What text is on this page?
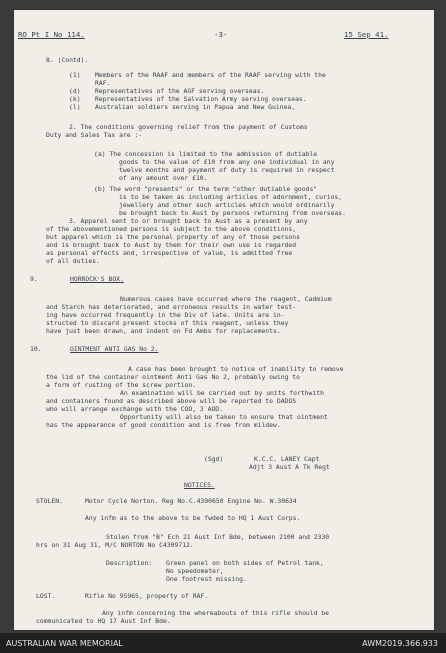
RO Pt I No 114.	-3-	15 Sep 41.
8. (Contd).
(1) Members of the RAAF and members of the RAAF serving with the
RAF.
(d) Representatives of the AGF serving overseas.
(k) Representatives of the Salvation Army serving overseas.
(l) Australian soldiers serving in Papua and New Guinea,
2. The conditions governing relief from the payment of Customs
Duty and Sales Tax are :-
(a) The concession is limited to the admission of dutiable
goods to the value of £10 from any one individual in any
twelve months and payment of duty is required in respect
of any amount over £10.
(b) The word "presents" or the term "other dutiable goods"
is to be taken as including articles of adornment, curios,
jewellery and other such articles which would ordinarily
be brought back to Aust by persons returning from overseas.
3. Apparel sent to or brought back to Aust as a present by any
of the abovementioned persons is subject to the above conditions,
but apparel which is the personal property of any of those persons
and is brought back to Aust by them for their own use is regarded
as personal effects and, irrespective of value, is admitted free
of all duties.
9.	HORROCK'S BOX.
Numerous cases have occurred where the reagent, Cadmium
and Starch has deteriorated, and erroneous results in water test-
ing have occurred frequently in the Div of late. Units are in-
structed to discard present stocks of this reagent, unless they
have just been drawn, and indent on Fd Ambs for replacements.
10.	OINTMENT ANTI GAS No 2.
A case has been brought to notice of inability to remove
the lid of the container ointment Anti Gas No 2, probably owing to
a form of rusting of the screw portion.
An examination will be carried out by units forthwith
and containers found as described above will be reported to DADOS
who will arrange exchange with the COO, 3 AOD.
Opportunity will also be taken to ensure that ointment
has the appearance of good condition and is free from mildew.
(Sgd)	K.C.C. LANEY Capt
Adjt 3 Aust A Tk Regt
NOTICES.
STOLEN.	Motor Cycle Norton. Reg No.C.4390650 Engine No. W.30634
Any infm as to the above to be fwded to HQ 1 Aust Corps.
Stolen from "B" Ech 21 Aust Inf Bde, between 2100 and 2330
hrs on 31 Aug 31, M/C NORTON No C4309712.
Description: Green panel on both sides of Petrol tank,
No speedometer,
One footrest missing.
LOST.	Rifle No 95965, property of RAF.
Any infm concerning the whereabouts of this rifle should be
communicated to HQ 17 Aust Inf Bde.
AUSTRALIAN WAR MEMORIAL	AWM2019.366.933
